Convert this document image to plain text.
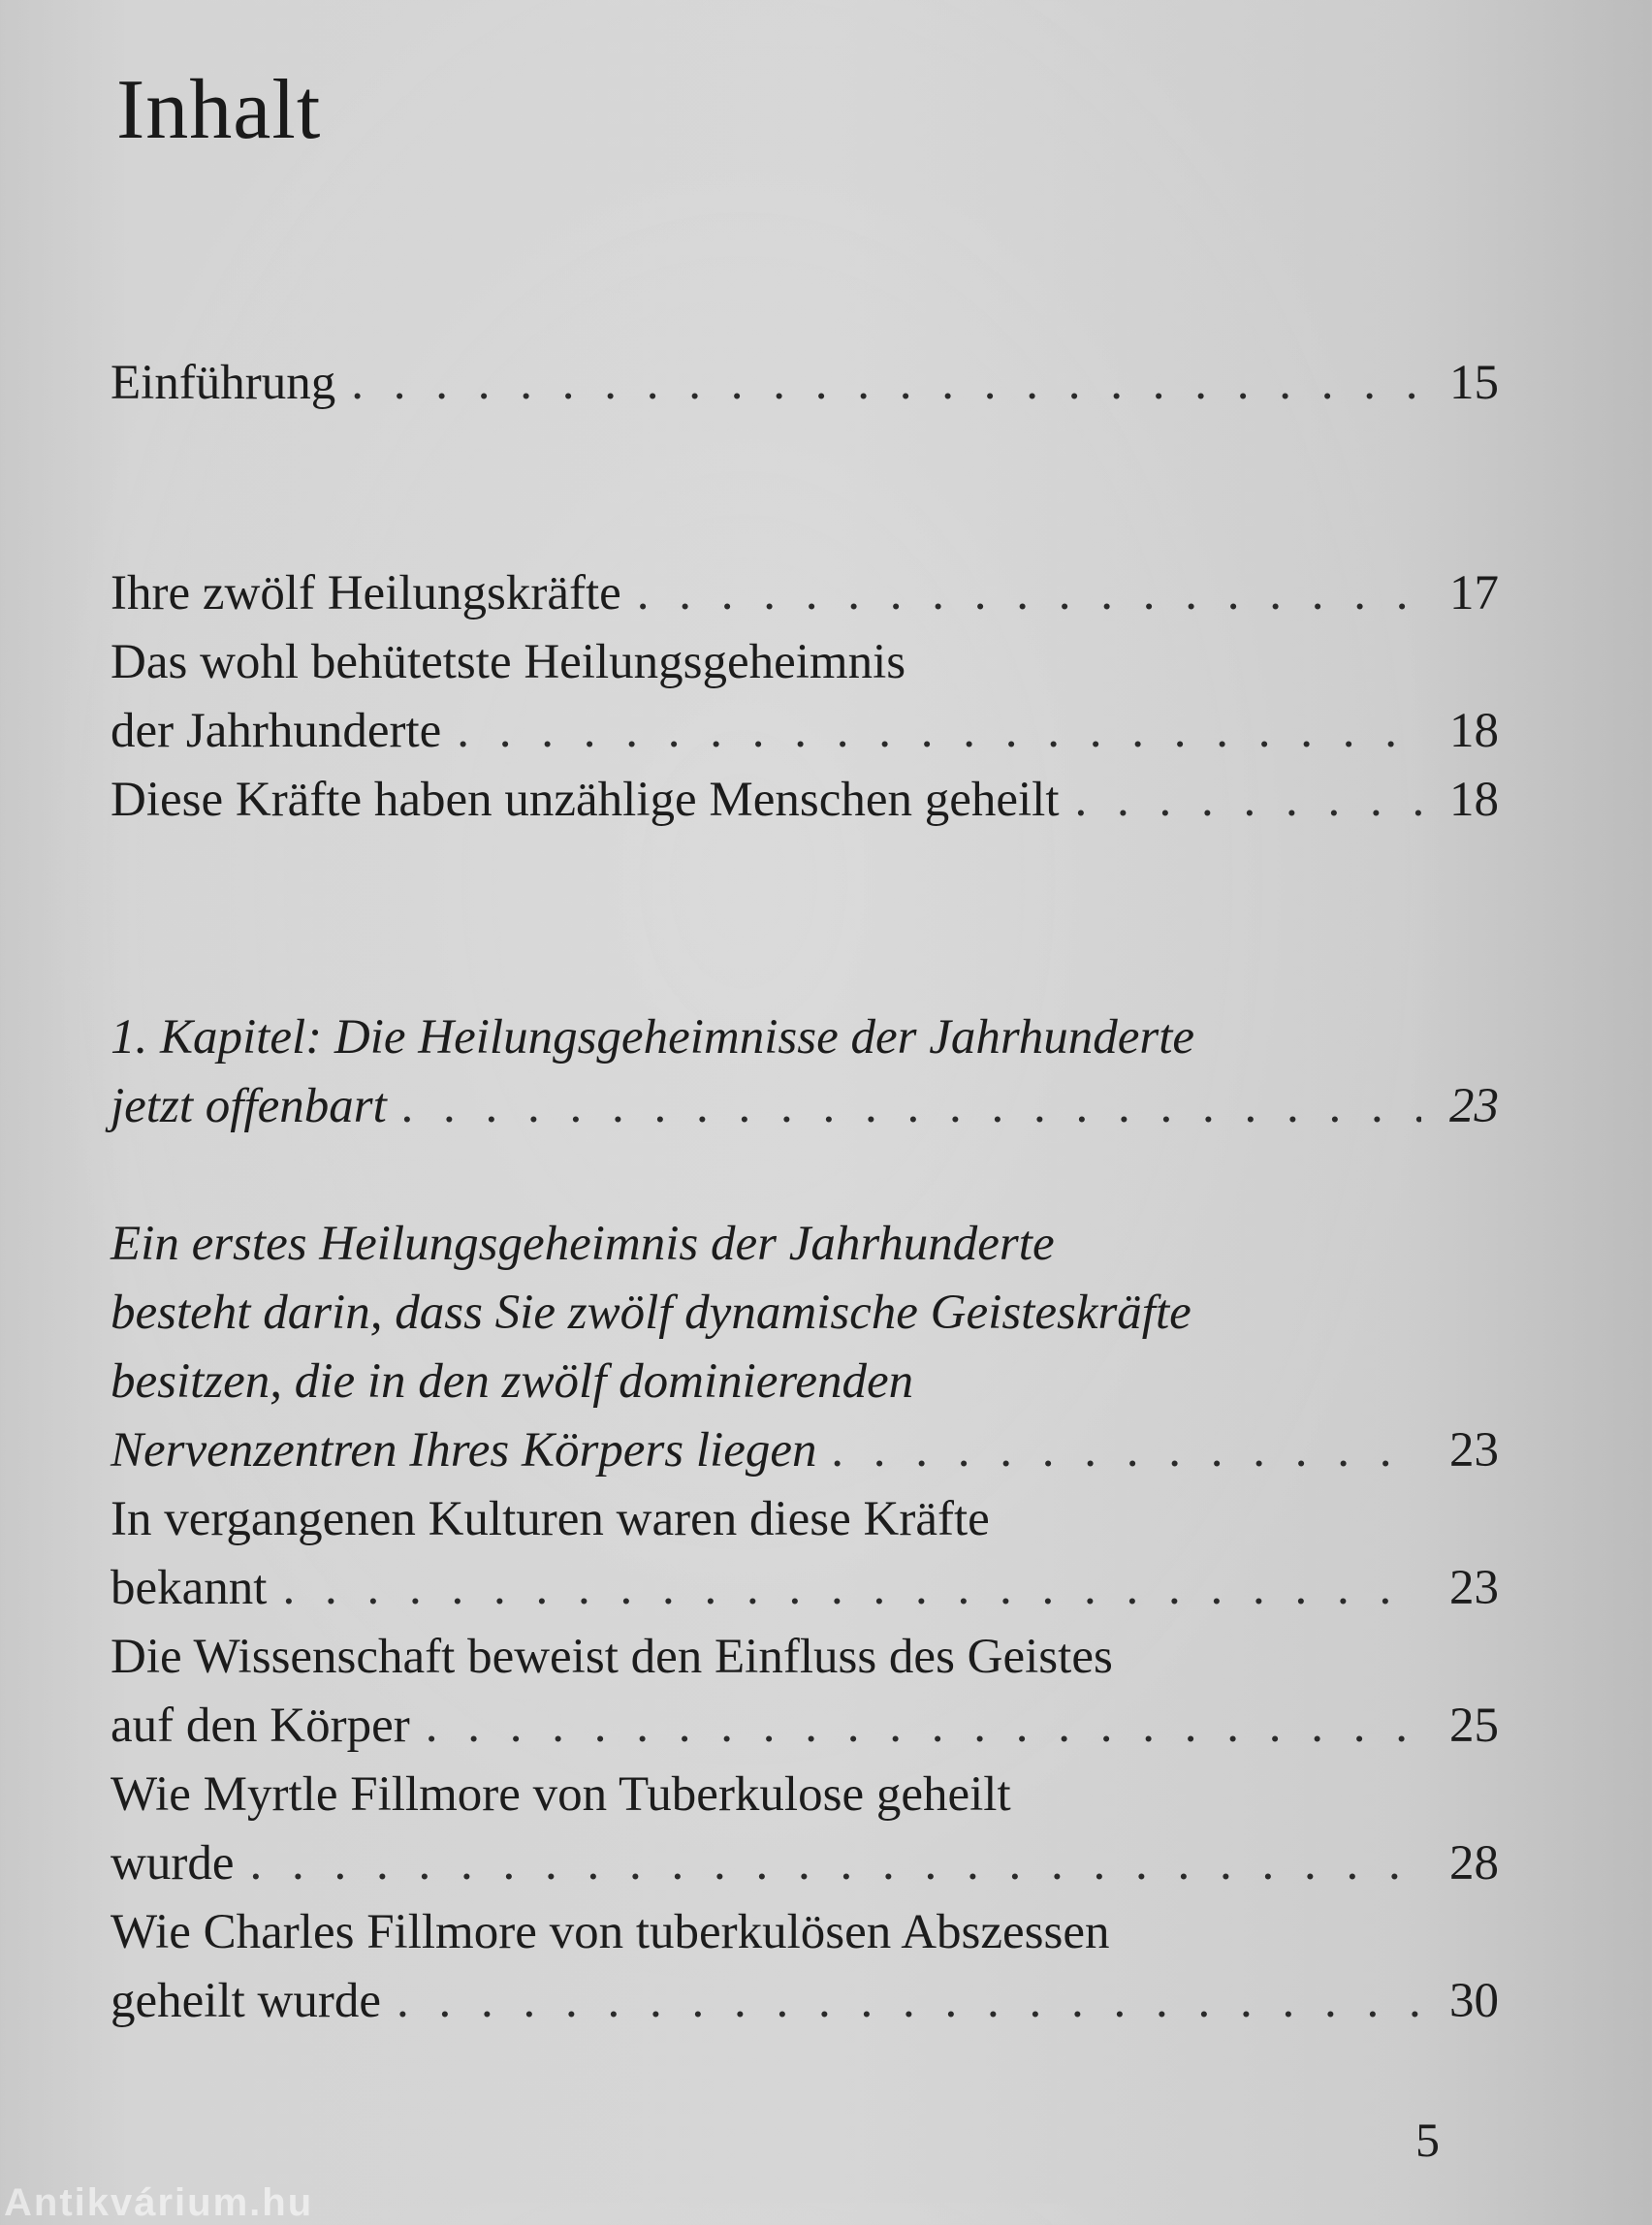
Inhalt
Einführung . . .	15
Ihre zwölf Heilungskräfte . . .	17
Das wohl behütetste Heilungsgeheimnis
der Jahrhunderte . . .	18
Diese Kräfte haben unzählige Menschen geheilt . . .	18
1. Kapitel: Die Heilungsgeheimnisse der Jahrhunderte
jetzt offenbart . . .	23
Ein erstes Heilungsgeheimnis der Jahrhunderte
besteht darin, dass Sie zwölf dynamische Geisteskräfte
besitzen, die in den zwölf dominierenden
Nervenzentren Ihres Körpers liegen . . .	23
In vergangenen Kulturen waren diese Kräfte
bekannt . . .	23
Die Wissenschaft beweist den Einfluss des Geistes
auf den Körper . . .	25
Wie Myrtle Fillmore von Tuberkulose geheilt
wurde . . .	28
Wie Charles Fillmore von tuberkulösen Abszessen
geheilt wurde . . .	30
5
Antikvárium.hu
